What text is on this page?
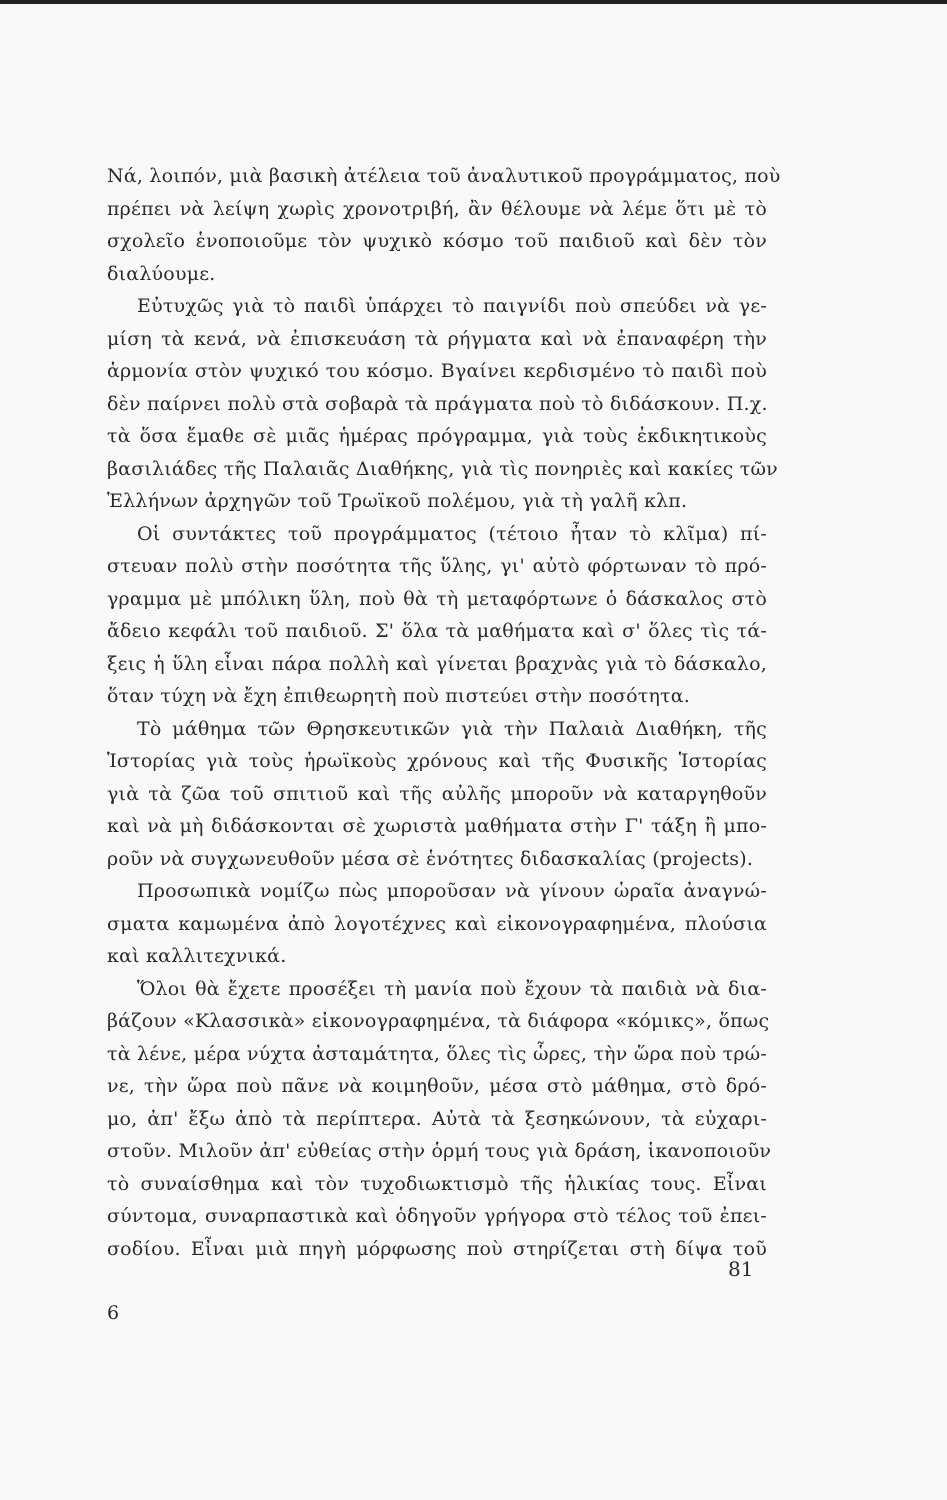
Νά, λοιπόν, μιὰ βασικὴ ἀτέλεια τοῦ ἀναλυτικοῦ προγράμματος, ποὺ
πρέπει νὰ λείψη χωρὶς χρονοτριβή, ἂν θέλουμε νὰ λέμε ὅτι μὲ τὸ
σχολεῖο ἑνοποιοῦμε τὸν ψυχικὸ κόσμο τοῦ παιδιοῦ καὶ δὲν τὸν
διαλύουμε.
Εὐτυχῶς γιὰ τὸ παιδὶ ὑπάρχει τὸ παιγνίδι ποὺ σπεύδει νὰ γε-
μίση τὰ κενά, νὰ ἐπισκευάση τὰ ρήγματα καὶ νὰ ἐπαναφέρη τὴν
ἁρμονία στὸν ψυχικό του κόσμο. Βγαίνει κερδισμένο τὸ παιδὶ ποὺ
δὲν παίρνει πολὺ στὰ σοβαρὰ τὰ πράγματα ποὺ τὸ διδάσκουν. Π.χ.
τὰ ὅσα ἔμαθε σὲ μιᾶς ἡμέρας πρόγραμμα, γιὰ τοὺς ἐκδικητικοὺς
βασιλιάδες τῆς Παλαιᾶς Διαθήκης, γιὰ τὶς πονηριὲς καὶ κακίες τῶν
Ἑλλήνων ἀρχηγῶν τοῦ Τρωϊκοῦ πολέμου, γιὰ τὴ γαλῆ κλπ.
Οἱ συντάκτες τοῦ προγράμματος (τέτοιο ἦταν τὸ κλῖμα) πί-
στευαν πολὺ στὴν ποσότητα τῆς ὕλης, γι' αὐτὸ φόρτωναν τὸ πρό-
γραμμα μὲ μπόλικη ὕλη, ποὺ θὰ τὴ μεταφόρτωνε ὁ δάσκαλος στὸ
ἄδειο κεφάλι τοῦ παιδιοῦ. Σ' ὅλα τὰ μαθήματα καὶ σ' ὅλες τὶς τά-
ξεις ἡ ὕλη εἶναι πάρα πολλὴ καὶ γίνεται βραχνὰς γιὰ τὸ δάσκαλο,
ὅταν τύχη νὰ ἔχη ἐπιθεωρητὴ ποὺ πιστεύει στὴν ποσότητα.
Τὸ μάθημα τῶν Θρησκευτικῶν γιὰ τὴν Παλαιὰ Διαθήκη, τῆς
Ἱστορίας γιὰ τοὺς ἡρωϊκοὺς χρόνους καὶ τῆς Φυσικῆς Ἱστορίας
γιὰ τὰ ζῶα τοῦ σπιτιοῦ καὶ τῆς αὐλῆς μποροῦν νὰ καταργηθοῦν
καὶ νὰ μὴ διδάσκονται σὲ χωριστὰ μαθήματα στὴν Γ' τάξη ἢ μπο-
ροῦν νὰ συγχωνευθοῦν μέσα σὲ ἑνότητες διδασκαλίας (projects).
Προσωπικὰ νομίζω πὼς μποροῦσαν νὰ γίνουν ὡραῖα ἀναγνώ-
σματα καμωμένα ἀπὸ λογοτέχνες καὶ εἰκονογραφημένα, πλούσια
καὶ καλλιτεχνικά.
Ὅλοι θὰ ἔχετε προσέξει τὴ μανία ποὺ ἔχουν τὰ παιδιὰ νὰ δια-
βάζουν «Κλασσικὰ» εἰκονογραφημένα, τὰ διάφορα «κόμικς», ὅπως
τὰ λένε, μέρα νύχτα ἀσταμάτητα, ὅλες τὶς ὧρες, τὴν ὥρα ποὺ τρώ-
νε, τὴν ὥρα ποὺ πᾶνε νὰ κοιμηθοῦν, μέσα στὸ μάθημα, στὸ δρό-
μο, ἀπ' ἔξω ἀπὸ τὰ περίπτερα. Αὐτὰ τὰ ξεσηκώνουν, τὰ εὐχαρι-
στοῦν. Μιλοῦν ἀπ' εὐθείας στὴν ὁρμή τους γιὰ δράση, ἱκανοποιοῦν
τὸ συναίσθημα καὶ τὸν τυχοδιωκτισμὸ τῆς ἡλικίας τους. Εἶναι
σύντομα, συναρπαστικὰ καὶ ὁδηγοῦν γρήγορα στὸ τέλος τοῦ ἐπει-
σοδίου. Εἶναι μιὰ πηγὴ μόρφωσης ποὺ στηρίζεται στὴ δίψα τοῦ
81
6
